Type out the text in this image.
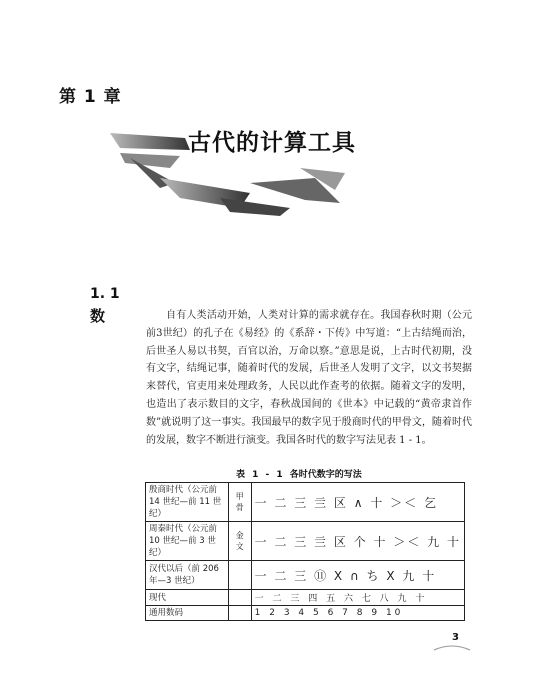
第 1 章
古代的计算工具
1. 1
数	自有人类活动开始，人类对计算的需求就存在。我国春秋时期（公元前3世纪）的孔子在《易经》的《系辞・下传》中写道：“上古结绳而治，后世圣人易以书契，百官以治，万命以察。”意思是说，上古时代初期，没有文字，结绳记事，随着时代的发展，后世圣人发明了文字，以文书契据来替代，官吏用来处理政务，人民以此作查考的依据。随着文字的发明，也造出了表示数目的文字，春秋战国间的《世本》中记载的“黄帝隶首作数”就说明了这一事实。我国最早的数字见于殷商时代的甲骨文，随着时代的发展，数字不断进行演变。我国各时代的数字写法见表 1 - 1。

表 1 - 1 各时代数字的写法
殷商时代（公元前 14 世纪—前 11 世纪）	甲骨	一 二 三 亖 区 ∧ 十 ＞＜ 乞
周秦时代（公元前 10 世纪—前 3 世纪）	金文	一 二 三 亖 区 个 十 ＞＜ 九 十
汉代以后（前 206 年—3 世纪）		一 二 三 ⑪ X ∩ ち X 九 十
现代		一 二 三 四 五 六 七 八 九 十
通用数码		1 2 3 4 5 6 7 8 9 10
3
